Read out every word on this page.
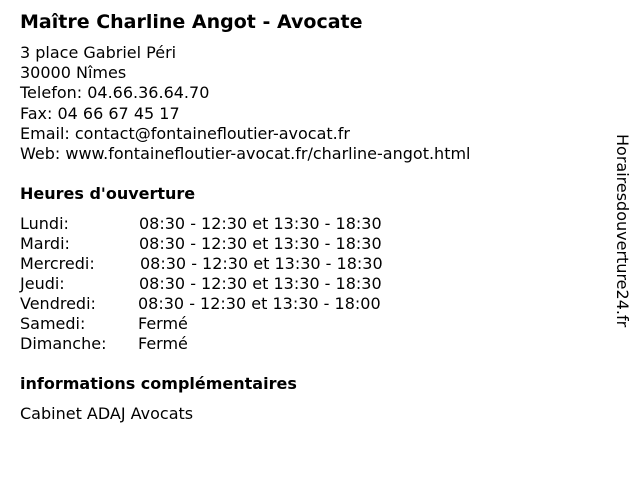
Maître Charline Angot - Avocate
3 place Gabriel Péri
30000 Nîmes
Telefon: 04.66.36.64.70
Fax: 04 66 67 45 17
Email: contact@fontainefloutier-avocat.fr
Web: www.fontainefloutier-avocat.fr/charline-angot.html
Heures d'ouverture
Lundi:	08:30 - 12:30 et 13:30 - 18:30
Mardi:	08:30 - 12:30 et 13:30 - 18:30
Mercredi:	08:30 - 12:30 et 13:30 - 18:30
Jeudi:	08:30 - 12:30 et 13:30 - 18:30
Vendredi:	08:30 - 12:30 et 13:30 - 18:00
Samedi:	Fermé
Dimanche: Fermé
informations complémentaires
Cabinet ADAJ Avocats
Horairesdouverture24.fr
